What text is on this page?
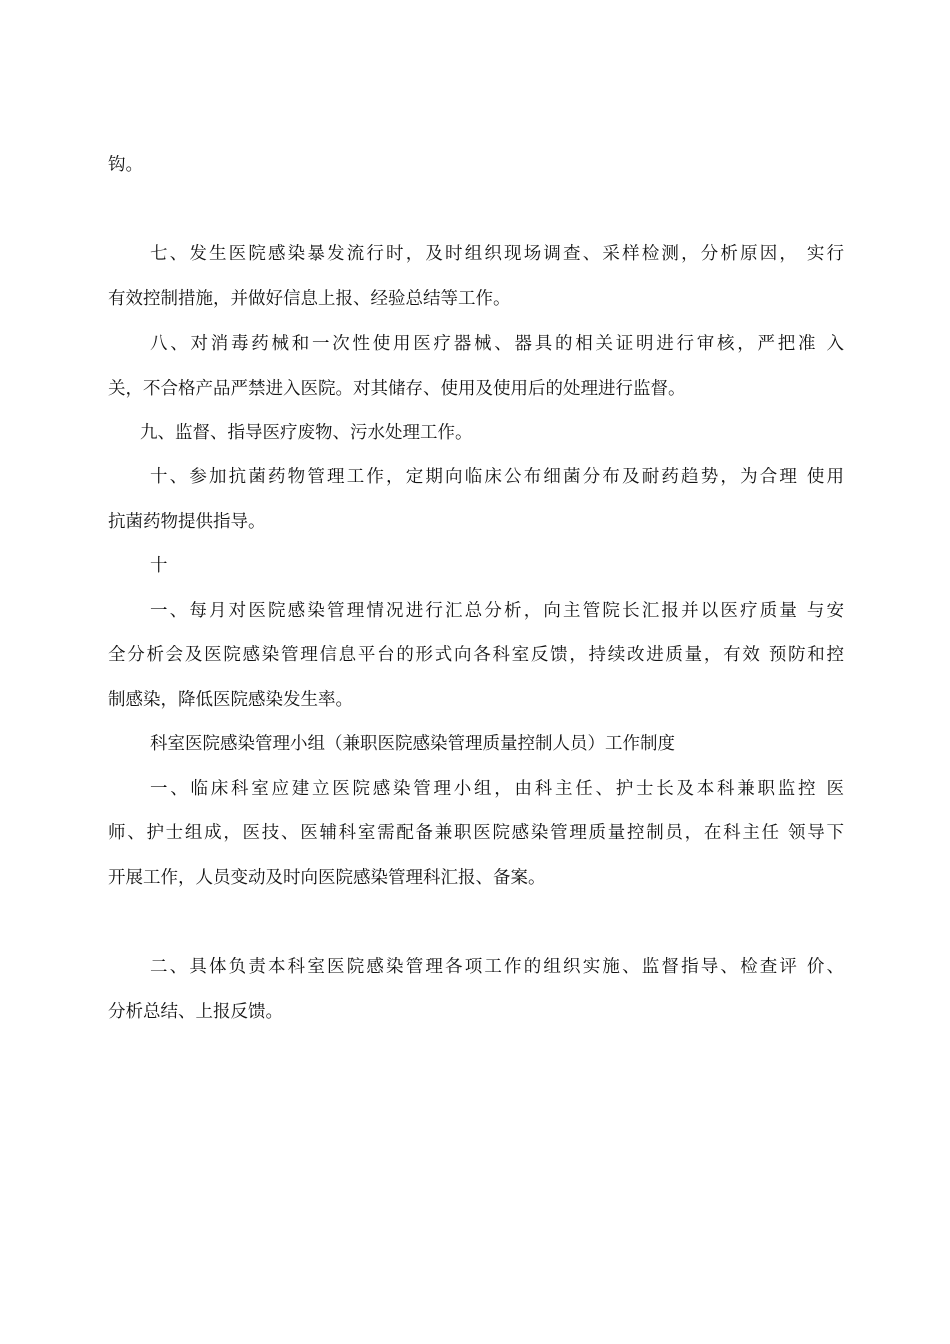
钩。
七、发生医院感染暴发流行时，及时组织现场调查、采样检测，分析原因， 实行
有效控制措施，并做好信息上报、经验总结等工作。
八、对消毒药械和一次性使用医疗器械、器具的相关证明进行审核，严把准 入
关，不合格产品严禁进入医院。对其储存、使用及使用后的处理进行监督。
九、监督、指导医疗废物、污水处理工作。
十、参加抗菌药物管理工作，定期向临床公布细菌分布及耐药趋势，为合理 使用
抗菌药物提供指导。
十
一、每月对医院感染管理情况进行汇总分析，向主管院长汇报并以医疗质量 与安
全分析会及医院感染管理信息平台的形式向各科室反馈，持续改进质量，有效 预防和控
制感染，降低医院感染发生率。
科室医院感染管理小组（兼职医院感染管理质量控制人员）工作制度
一、临床科室应建立医院感染管理小组，由科主任、护士长及本科兼职监控 医
师、护士组成，医技、医辅科室需配备兼职医院感染管理质量控制员，在科主任 领导下
开展工作，人员变动及时向医院感染管理科汇报、备案。
二、具体负责本科室医院感染管理各项工作的组织实施、监督指导、检查评 价、
分析总结、上报反馈。
